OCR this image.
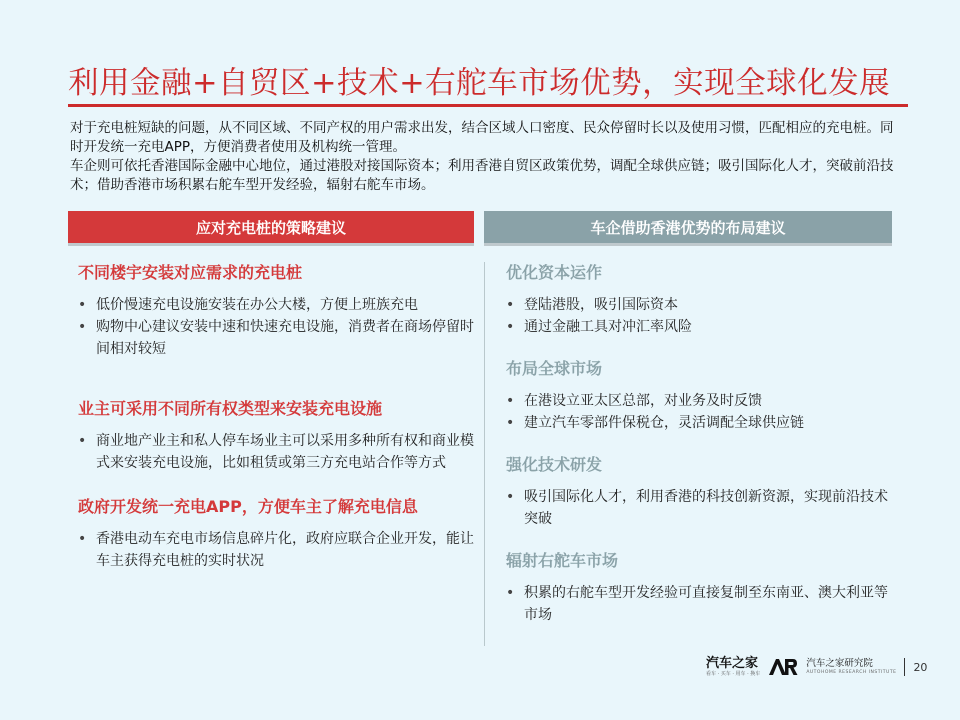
利用金融+自贸区+技术+右舵车市场优势，实现全球化发展

对于充电桩短缺的问题，从不同区域、不同产权的用户需求出发，结合区域人口密度、民众停留时长以及使用习惯，匹配相应的充电桩。同时开发统一充电APP，方便消费者使用及机构统一管理。

车企则可依托香港国际金融中心地位，通过港股对接国际资本；利用香港自贸区政策优势，调配全球供应链；吸引国际化人才，突破前沿技术；借助香港市场积累右舵车型开发经验，辐射右舵车市场。

应对充电桩的策略建议	车企借助香港优势的布局建议

不同楼宇安装对应需求的充电桩

• 低价慢速充电设施安装在办公大楼，方便上班族充电
• 购物中心建议安装中速和快速充电设施，消费者在商场停留时间相对较短

业主可采用不同所有权类型来安装充电设施

• 商业地产业主和私人停车场业主可以采用多种所有权和商业模式来安装充电设施，比如租赁或第三方充电站合作等方式

政府开发统一充电APP，方便车主了解充电信息

• 香港电动车充电市场信息碎片化，政府应联合企业开发，能让车主获得充电桩的实时状况

优化资本运作

• 登陆港股，吸引国际资本
• 通过金融工具对冲汇率风险

布局全球市场

• 在港设立亚太区总部，对业务及时反馈
• 建立汽车零部件保税仓，灵活调配全球供应链

强化技术研发

• 吸引国际化人才，利用香港的科技创新资源，实现前沿技术突破

辐射右舵车市场

• 积累的右舵车型开发经验可直接复制至东南亚、澳大利亚等市场
汽车之家
看车 · 买车 · 用车 · 换车
汽车之家研究院
AUTOHOME RESEARCH INSTITUTE 20
